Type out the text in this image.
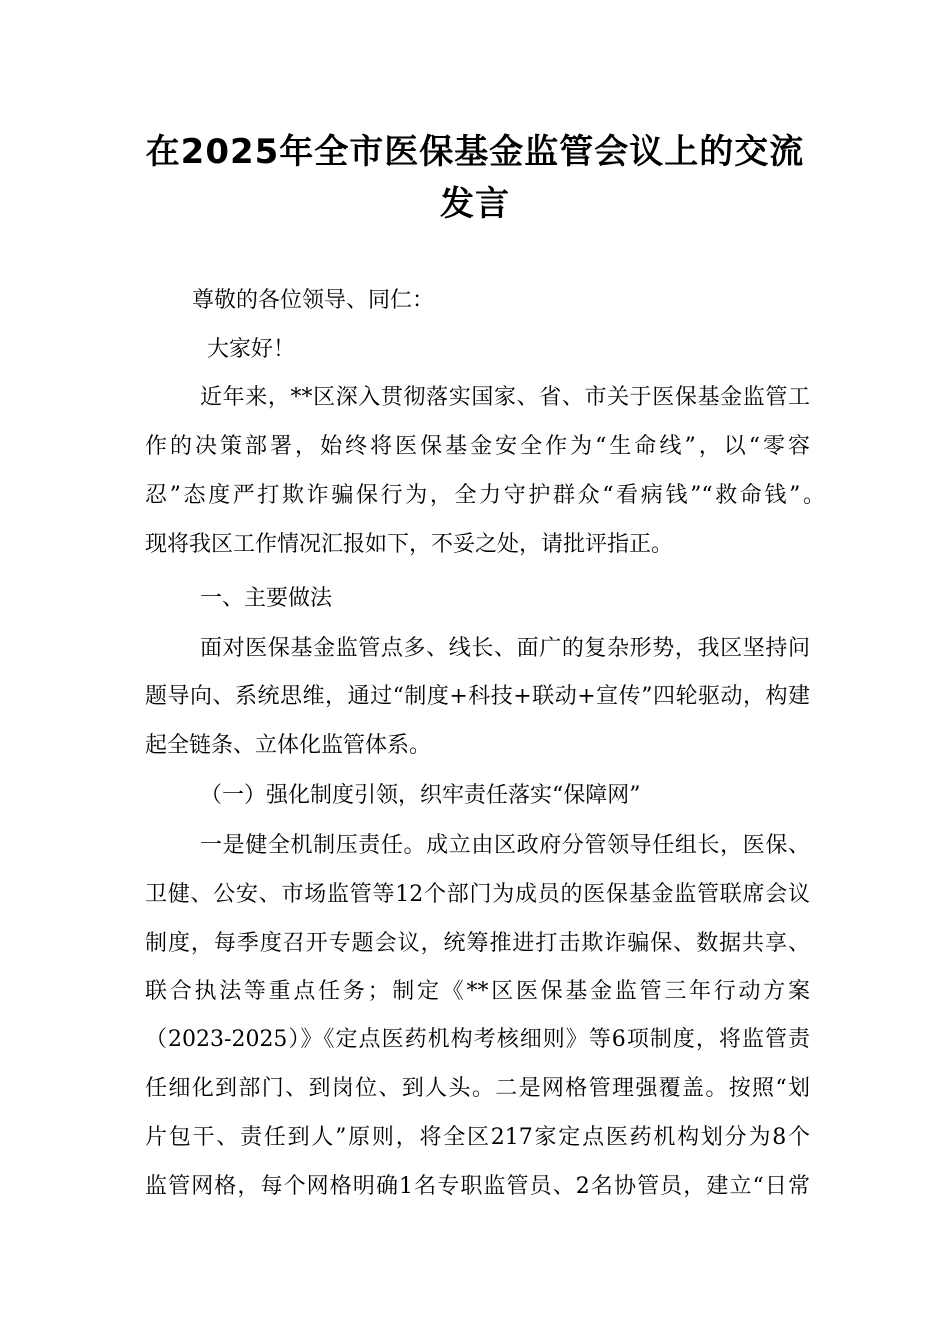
在2025年全市医保基金监管会议上的交流
发言
尊敬的各位领导、同仁：
大家好！
近年来，**区深入贯彻落实国家、省、市关于医保基金监管工
作的决策部署，始终将医保基金安全作为“生命线”，以“零容
忍”态度严打欺诈骗保行为，全力守护群众“看病钱”“救命钱”。
现将我区工作情况汇报如下，不妥之处，请批评指正。
一、主要做法
面对医保基金监管点多、线长、面广的复杂形势，我区坚持问
题导向、系统思维，通过“制度+科技+联动+宣传”四轮驱动，构建
起全链条、立体化监管体系。
（一）强化制度引领，织牢责任落实“保障网”
一是健全机制压责任。成立由区政府分管领导任组长，医保、
卫健、公安、市场监管等12个部门为成员的医保基金监管联席会议
制度，每季度召开专题会议，统筹推进打击欺诈骗保、数据共享、
联合执法等重点任务；制定《**区医保基金监管三年行动方案
（2023-2025）》《定点医药机构考核细则》等6项制度，将监管责
任细化到部门、到岗位、到人头。二是网格管理强覆盖。按照“划
片包干、责任到人”原则，将全区217家定点医药机构划分为8个
监管网格，每个网格明确1名专职监管员、2名协管员，建立“日常
